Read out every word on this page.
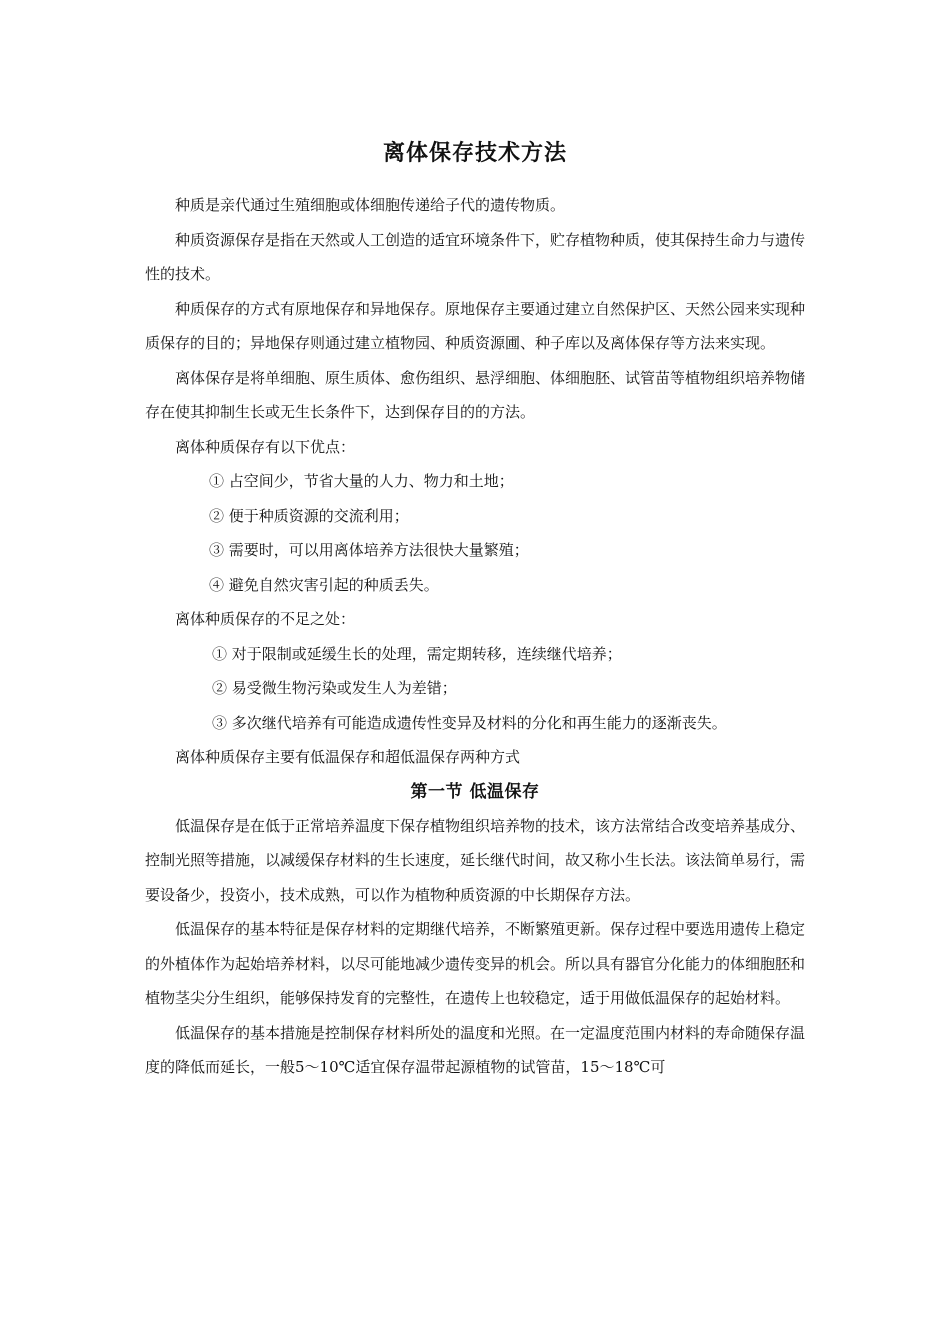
离体保存技术方法

种质是亲代通过生殖细胞或体细胞传递给子代的遗传物质。

种质资源保存是指在天然或人工创造的适宜环境条件下，贮存植物种质，使其保持生命力与遗传性的技术。

种质保存的方式有原地保存和异地保存。原地保存主要通过建立自然保护区、天然公园来实现种质保存的目的；异地保存则通过建立植物园、种质资源圃、种子库以及离体保存等方法来实现。

离体保存是将单细胞、原生质体、愈伤组织、悬浮细胞、体细胞胚、试管苗等植物组织培养物储存在使其抑制生长或无生长条件下，达到保存目的的方法。

离体种质保存有以下优点：

① 占空间少，节省大量的人力、物力和土地；

② 便于种质资源的交流利用；

③ 需要时，可以用离体培养方法很快大量繁殖；

④ 避免自然灾害引起的种质丢失。

离体种质保存的不足之处：

① 对于限制或延缓生长的处理，需定期转移，连续继代培养；

② 易受微生物污染或发生人为差错；

③ 多次继代培养有可能造成遗传性变异及材料的分化和再生能力的逐渐丧失。

离体种质保存主要有低温保存和超低温保存两种方式

第一节 低温保存

低温保存是在低于正常培养温度下保存植物组织培养物的技术，该方法常结合改变培养基成分、控制光照等措施，以减缓保存材料的生长速度，延长继代时间，故又称小生长法。该法简单易行，需要设备少，投资小，技术成熟，可以作为植物种质资源的中长期保存方法。

低温保存的基本特征是保存材料的定期继代培养，不断繁殖更新。保存过程中要选用遗传上稳定的外植体作为起始培养材料，以尽可能地减少遗传变异的机会。所以具有器官分化能力的体细胞胚和植物茎尖分生组织，能够保持发育的完整性，在遗传上也较稳定，适于用做低温保存的起始材料。

低温保存的基本措施是控制保存材料所处的温度和光照。在一定温度范围内材料的寿命随保存温度的降低而延长，一般5～10℃适宜保存温带起源植物的试管苗，15～18℃可
